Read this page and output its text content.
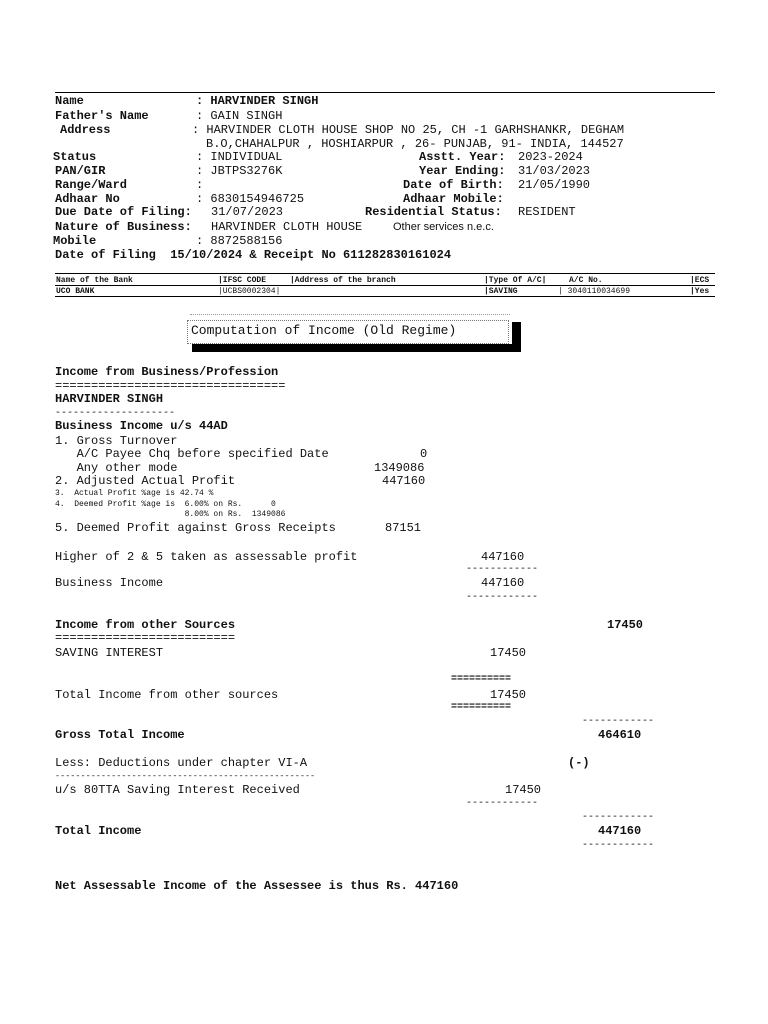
Name	: HARVINDER SINGH
Father's Name	: GAIN SINGH
Address	: HARVINDER CLOTH HOUSE SHOP NO 25, CH -1 GARHSHANKR, DEGHAM
B.O,CHAHALPUR , HOSHIARPUR , 26- PUNJAB, 91- INDIA, 144527
Status	: INDIVIDUAL	Asstt. Year: 2023-2024
PAN/GIR	: JBTPS3276K	Year Ending: 31/03/2023
Range/Ward	:	Date of Birth: 21/05/1990
Adhaar No	: 6830154946725	Adhaar Mobile:
Due Date of Filing: 31/07/2023	Residential Status: RESIDENT
Nature of Business: HARVINDER CLOTH HOUSE	Other services n.e.c.
Mobile	: 8872588156
Date of Filing  15/10/2024 & Receipt No 611282830161024
Name of the Bank	|IFSC CODE	|Address of the branch	|Type Of A/C|	A/C No.	|ECS
UCO BANK	|UCBS0002304|	|SAVING	| 3040110034699	|Yes
Computation of Income (Old Regime)
Income from Business/Profession
================================
HARVINDER SINGH
--------------------
Business Income u/s 44AD
1. Gross Turnover
A/C Payee Chq before specified Date	0
Any other mode	1349086
2. Adjusted Actual Profit	447160
3.  Actual Profit %age is 42.74 %
4.  Deemed Profit %age is  6.00% on Rs.      0
8.00% on Rs.  1349086
5. Deemed Profit against Gross Receipts	87151
Higher of 2 & 5 taken as assessable profit	447160
------------
Business Income	447160
------------
Income from other Sources	17450
=========================
SAVING INTEREST	17450
==========
Total Income from other sources	17450
==========
------------
Gross Total Income	464610
Less: Deductions under chapter VI-A	(-)
---------------------------------------------------
u/s 80TTA Saving Interest Received	17450
------------
------------
Total Income	447160
------------
Net Assessable Income of the Assessee is thus Rs. 447160
